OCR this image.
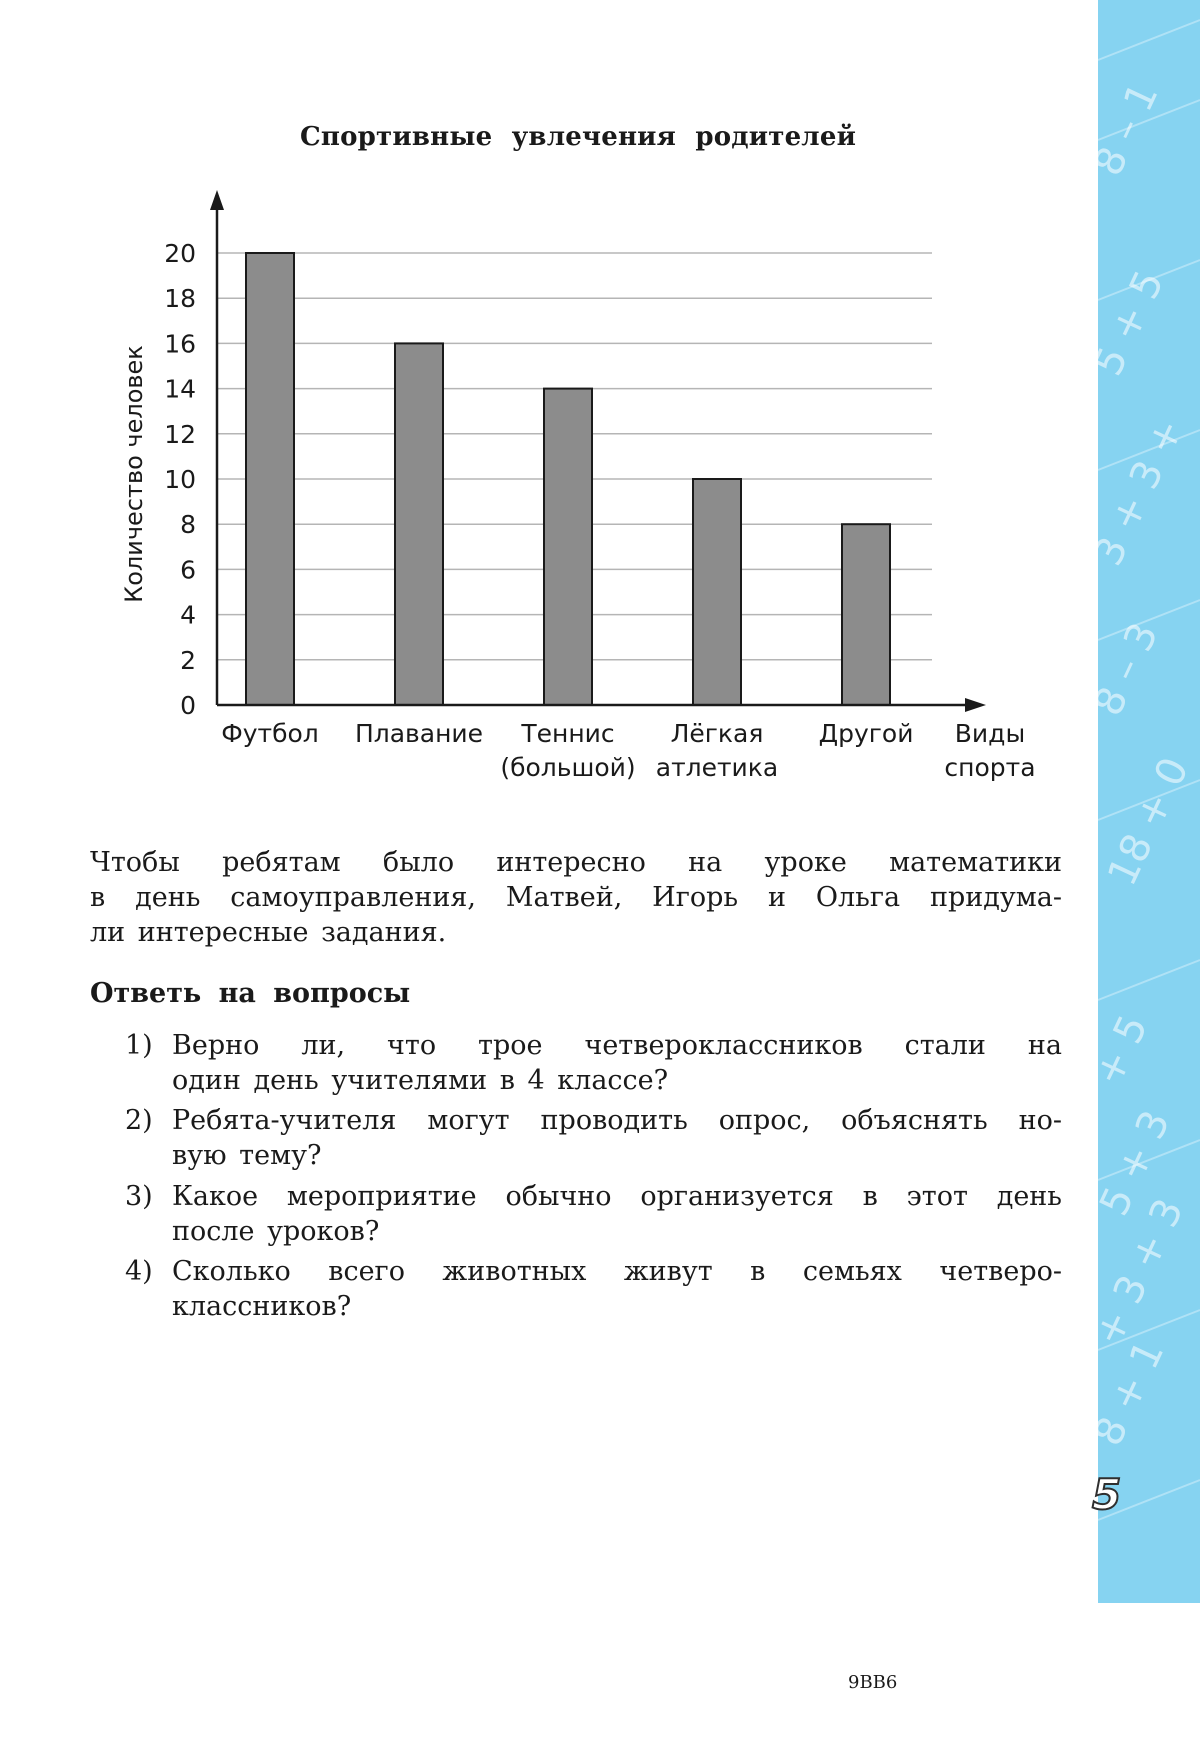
8 – 1
5 + 5
3 + 3 +
8 – 3
18 + 0
+ 5
5 + 3
+ 3 + 3
8 + 1
5
Спортивные увлечения родителей
0
2
4
6
8
10
12
14
16
18
20
Футбол Плавание Теннис
(большой)
Лёгкая
атлетика
Другой
Количество человек
Виды
спорта
Чтобы ребятам было интересно на уроке математики
в день самоуправления, Матвей, Игорь и Ольга придума-
ли интересные задания.
Ответь на вопросы
1) Верно ли, что трое четвероклассников стали на
один день учителями в 4 классе?
2) Ребята-учителя могут проводить опрос, объяснять но-
вую тему?
3) Какое мероприятие обычно организуется в этот день
после уроков?
4) Сколько всего животных живут в семьях четверо-
классников?
9BB6
